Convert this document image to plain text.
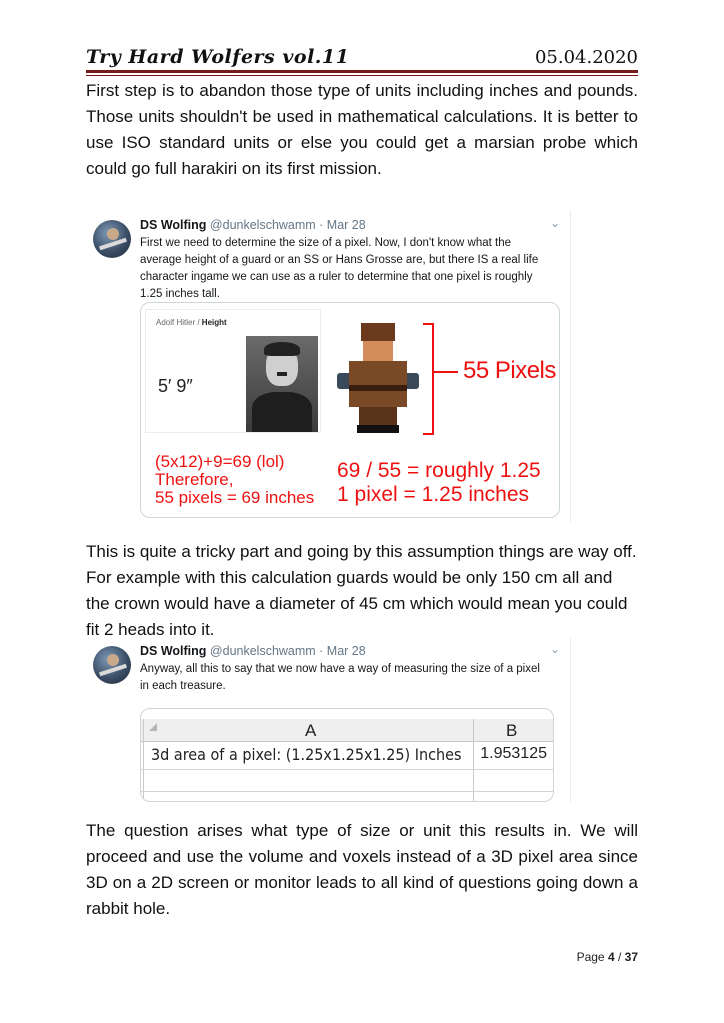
Try Hard Wolfers vol.11	05.04.2020

First step is to abandon those type of units including inches and pounds. Those units shouldn't be used in mathematical calculations. It is better to use ISO standard units or else you could get a marsian probe which could go full harakiri on its first mission.

DS Wolfing @dunkelschwamm · Mar 28	⌄
First we need to determine the size of a pixel. Now, I don't know what the average height of a guard or an SS or Hans Grosse are, but there IS a real life character ingame we can use as a ruler to determine that one pixel is roughly 1.25 inches tall.
Adolf Hitler / Height
5′ 9″
55 Pixels
(5x12)+9=69 (lol)
Therefore,
55 pixels = 69 inches
69 / 55 = roughly 1.25
1 pixel = 1.25 inches

This is quite a tricky part and going by this assumption things are way off. For example with this calculation guards would be only 150 cm all and the crown would have a diameter of 45 cm which would mean you could fit 2 heads into it.

DS Wolfing @dunkelschwamm · Mar 28	⌄
Anyway, all this to say that we now have a way of measuring the size of a pixel in each treasure.
A	B
3d area of a pixel: (1.25x1.25x1.25) Inches 1.953125

The question arises what type of size or unit this results in. We will proceed and use the volume and voxels instead of a 3D pixel area since 3D on a 2D screen or monitor leads to all kind of questions going down a rabbit hole.

Page 4 / 37
